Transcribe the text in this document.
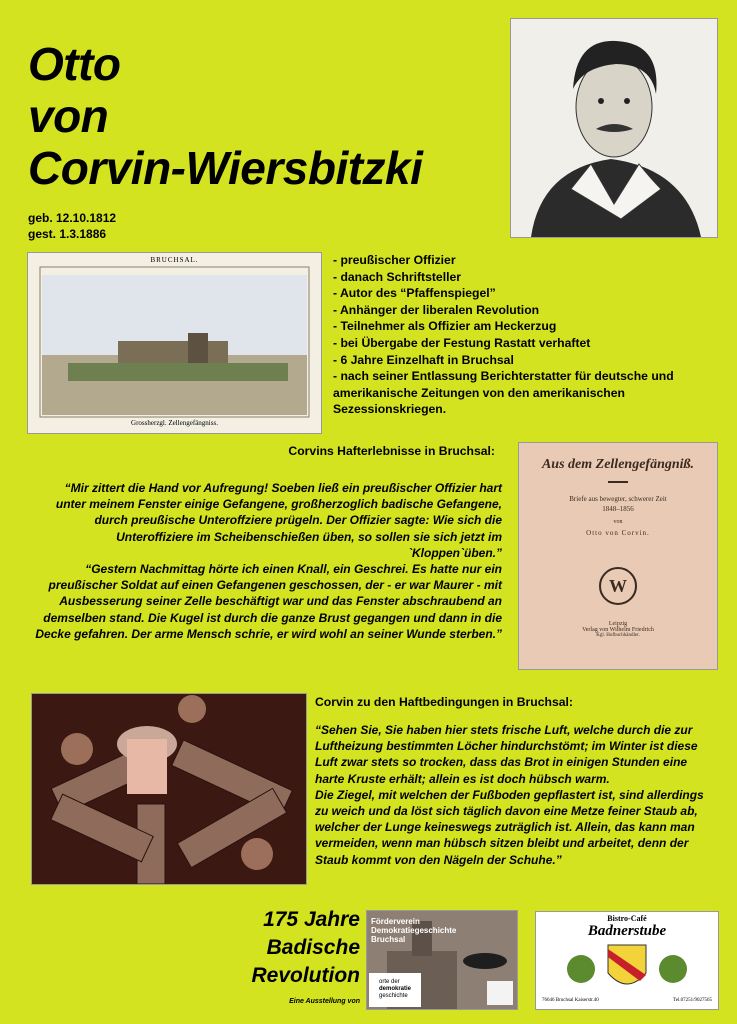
Otto
von
Corvin-Wiersbitzki
geb. 12.10.1812
gest. 1.3.1886
BRUCHSAL.
Grossherzgl. Zellengefängniss.
- preußischer Offizier
- danach Schriftsteller
- Autor des “Pfaffenspiegel”
- Anhänger der liberalen Revolution
- Teilnehmer als Offizier am Heckerzug
- bei Übergabe der Festung Rastatt verhaftet
- 6 Jahre Einzelhaft in Bruchsal
- nach seiner Entlassung Berichterstatter für deutsche und amerikanische Zeitungen von den amerikanischen Sezessionskriegen.
Corvins Hafterlebnisse in Bruchsal:

“Mir zittert die Hand vor Aufregung! Soeben ließ ein preußischer Offizier hart unter meinem Fenster einige Gefangene, großherzoglich badische Gefangene, durch preußische Unteroffziere prügeln. Der Offizier sagte: Wie sich die Unteroffiziere im Scheibenschießen üben, so sollen sie sich jetzt im `Kloppen`üben.”

“Gestern Nachmittag hörte ich einen Knall, ein Geschrei. Es hatte nur ein preußischer Soldat auf einen Gefangenen geschossen, der - er war Maurer - mit Ausbesserung seiner Zelle beschäftigt war und das Fenster abschraubend an demselben stand. Die Kugel ist durch die ganze Brust gegangen und dann in die Decke gefahren. Der arme Mensch schrie, er wird wohl an seiner Wunde sterben.”

Aus dem Zellengefängniß.
Briefe aus bewegter, schwerer Zeit
1848–1856
von
Otto von Corvin.
W
Leipzig
Verlag von Wilhelm Friedrich
Kgl. Hofbuchhändler.
Corvin zu den Haftbedingungen in Bruchsal:

“Sehen Sie, Sie haben hier stets frische Luft, welche durch die zur Luftheizung bestimmten Löcher hindurchstömt; im Winter ist diese Luft zwar stets so trocken, dass das Brot in einigen Stunden eine harte Kruste erhält; allein es ist doch hübsch warm.

Die Ziegel, mit welchen der Fußboden gepflastert ist, sind allerdings zu weich und da löst sich täglich davon eine Metze feiner Staub ab, welcher der Lunge keineswegs zuträglich ist. Allein, das kann man vermeiden, wenn man hübsch sitzen bleibt und arbeitet, denn der Staub kommt von den Nägeln der Schuhe.”

175 Jahre
Badische
Revolution
Eine Ausstellung von
Förderverein
Demokratiegeschichte
Bruchsal
orte der
demokratie
geschichte
Bistro-Café
Badnerstube
76646 Bruchsal Kaiserstr.40	Tel.07251/9027565
